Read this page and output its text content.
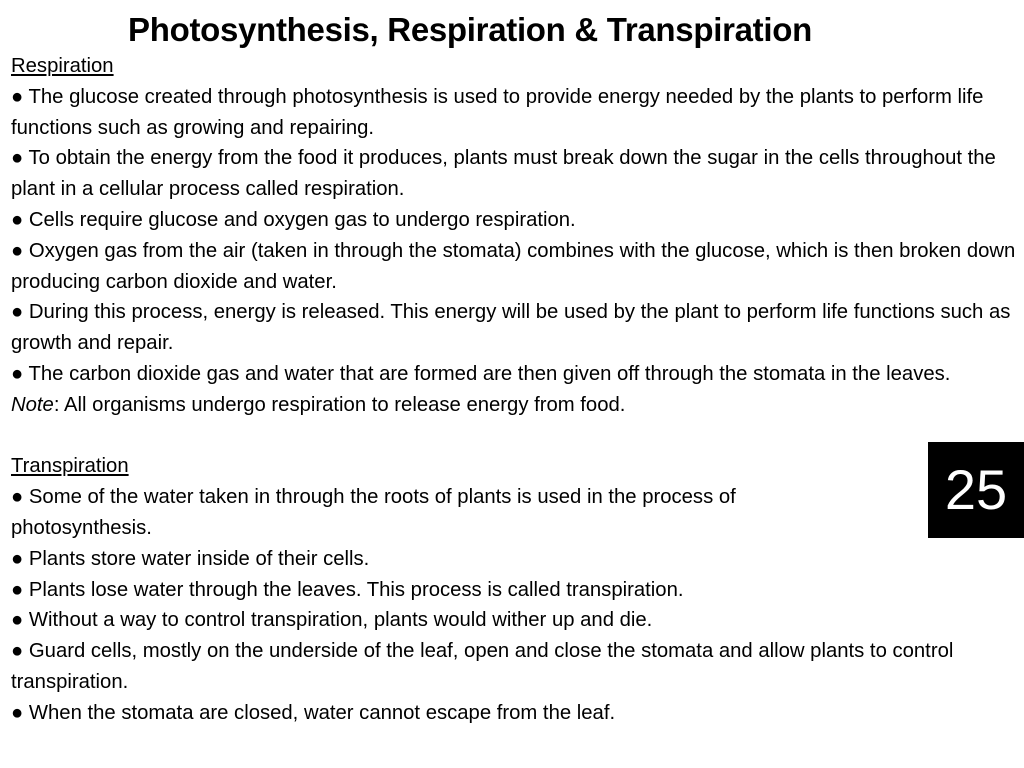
Photosynthesis, Respiration & Transpiration
Respiration

● The glucose created through photosynthesis is used to provide energy needed by the plants to perform life functions such as growing and repairing.

● To obtain the energy from the food it produces, plants must break down the sugar in the cells throughout the plant in a cellular process called respiration.

● Cells require glucose and oxygen gas to undergo respiration.

● Oxygen gas from the air (taken in through the stomata) combines with the glucose, which is then broken down producing carbon dioxide and water.

● During this process, energy is released. This energy will be used by the plant to perform life functions such as growth and repair.

● The carbon dioxide gas and water that are formed are then given off through the stomata in the leaves.

Note: All organisms undergo respiration to release energy from food.

Transpiration

● Some of the water taken in through the roots of plants is used in the process of photosynthesis.

● Plants store water inside of their cells.

● Plants lose water through the leaves. This process is called transpiration.

● Without a way to control transpiration, plants would wither up and die.

● Guard cells, mostly on the underside of the leaf, open and close the stomata and allow plants to control transpiration.

● When the stomata are closed, water cannot escape from the leaf.

25
